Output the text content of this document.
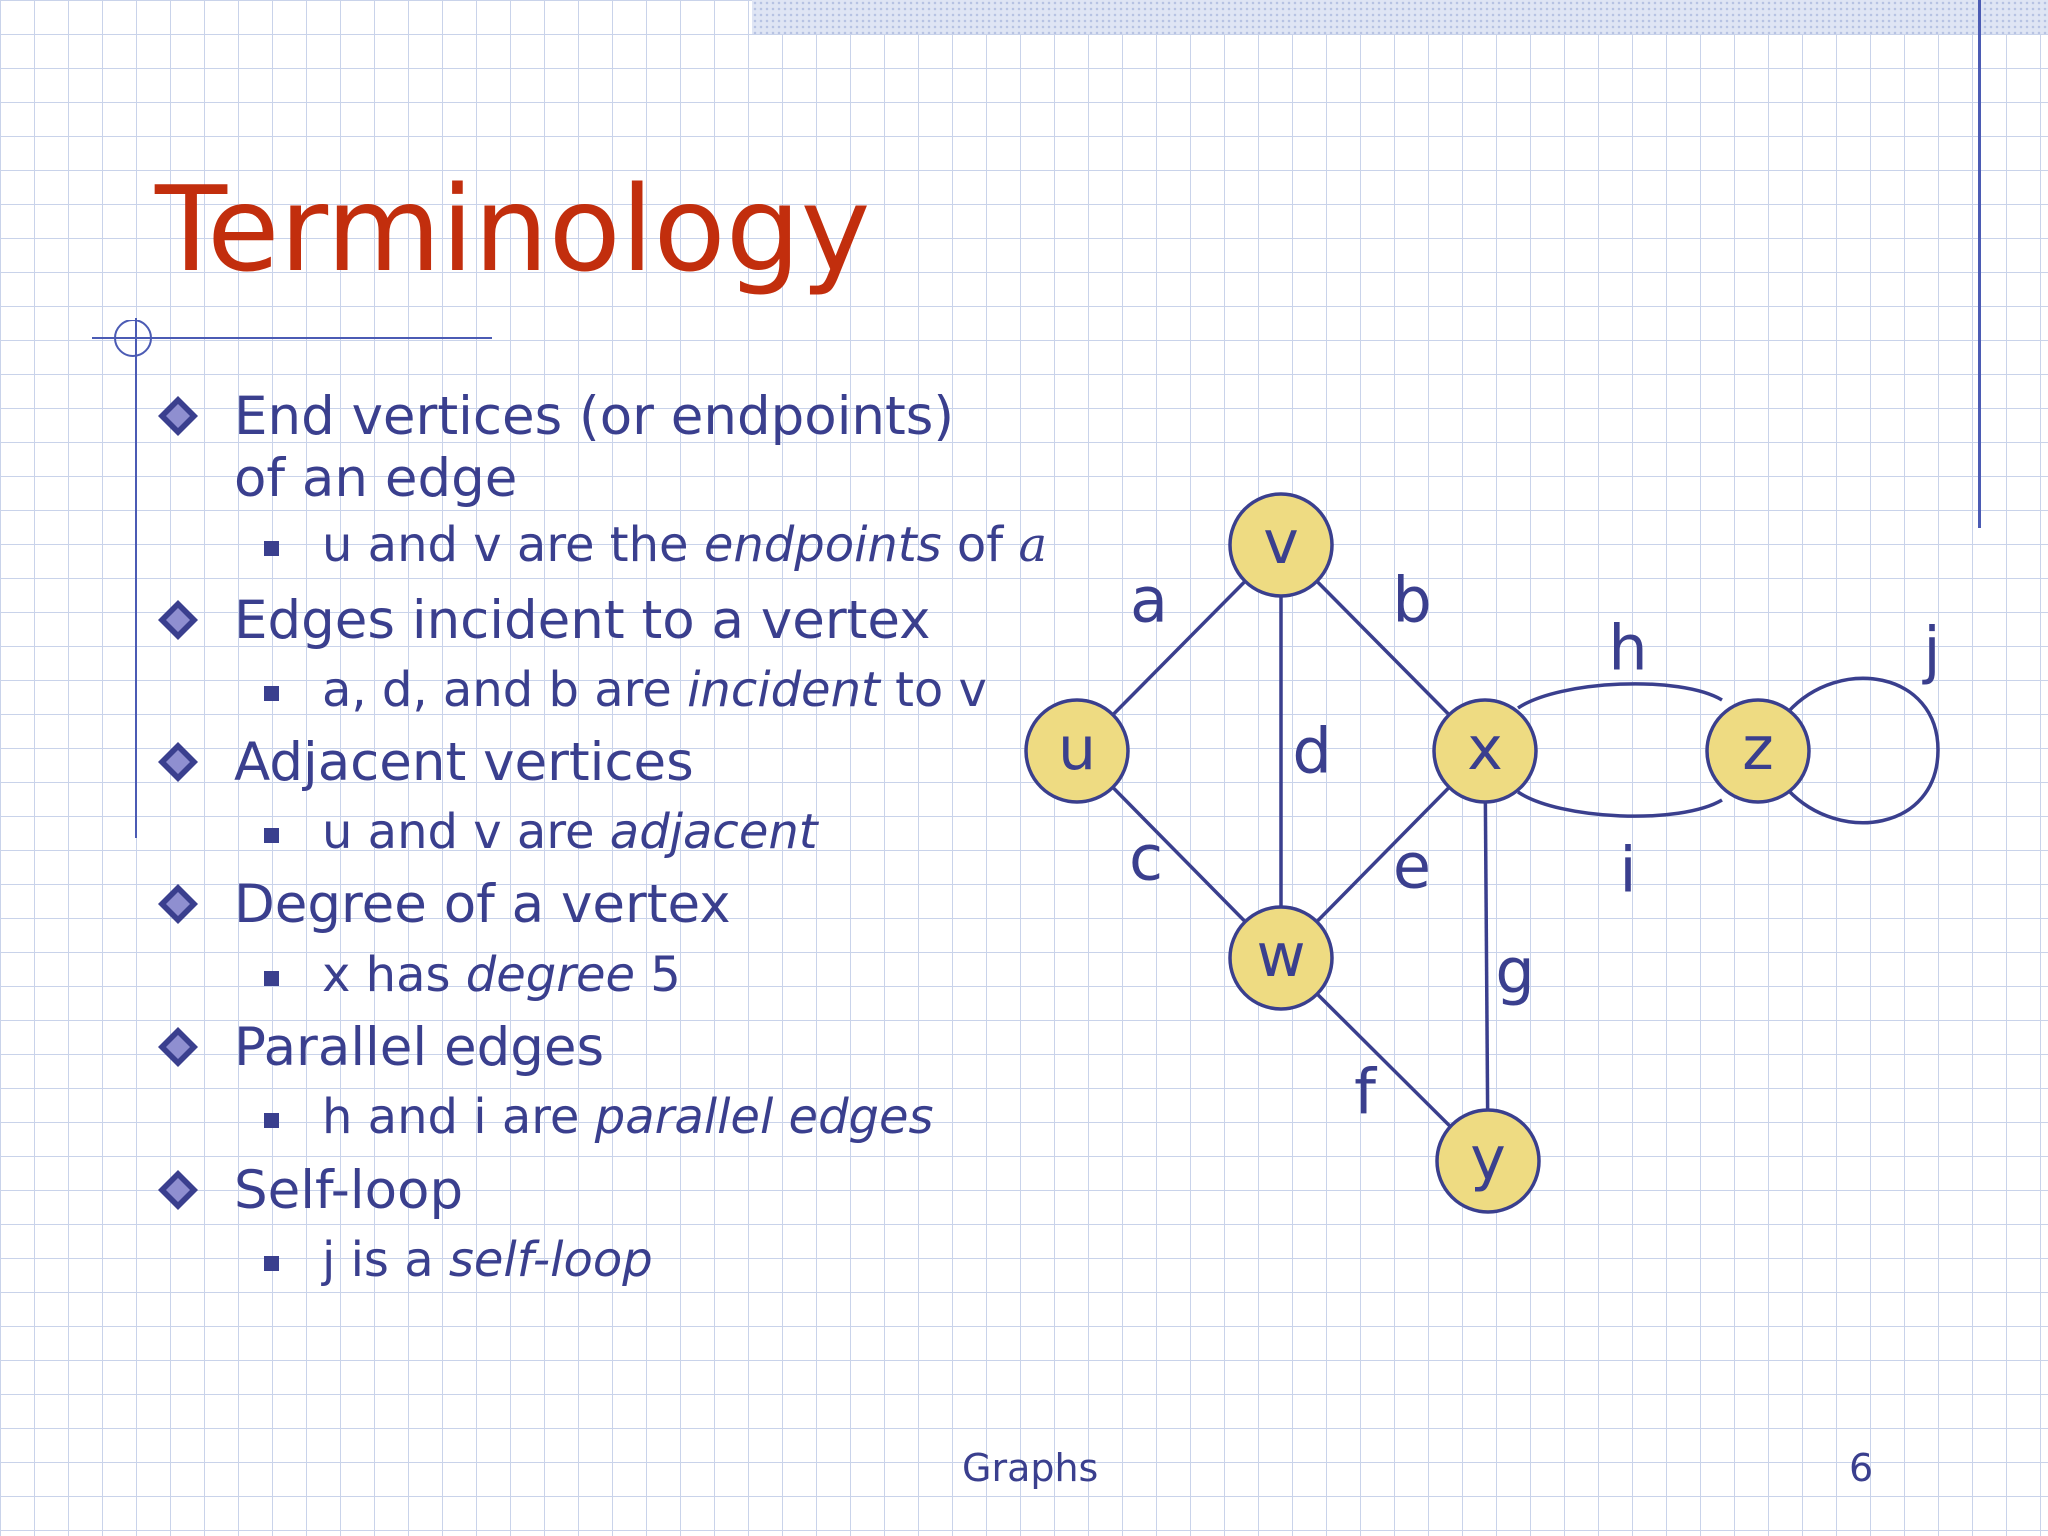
Terminology
End vertices (or endpoints) of an edge
u and v are the endpoints of a
Edges incident to a vertex
a, d, and b are incident to v
Adjacent vertices
u and v are adjacent
Degree of a vertex
x has degree 5
Parallel edges
h and i are parallel edges
Self-loop
j is a self-loop
u
v
w
x
y
z
a	b
c
d
e
f
g
h
i
j
Graphs	6
